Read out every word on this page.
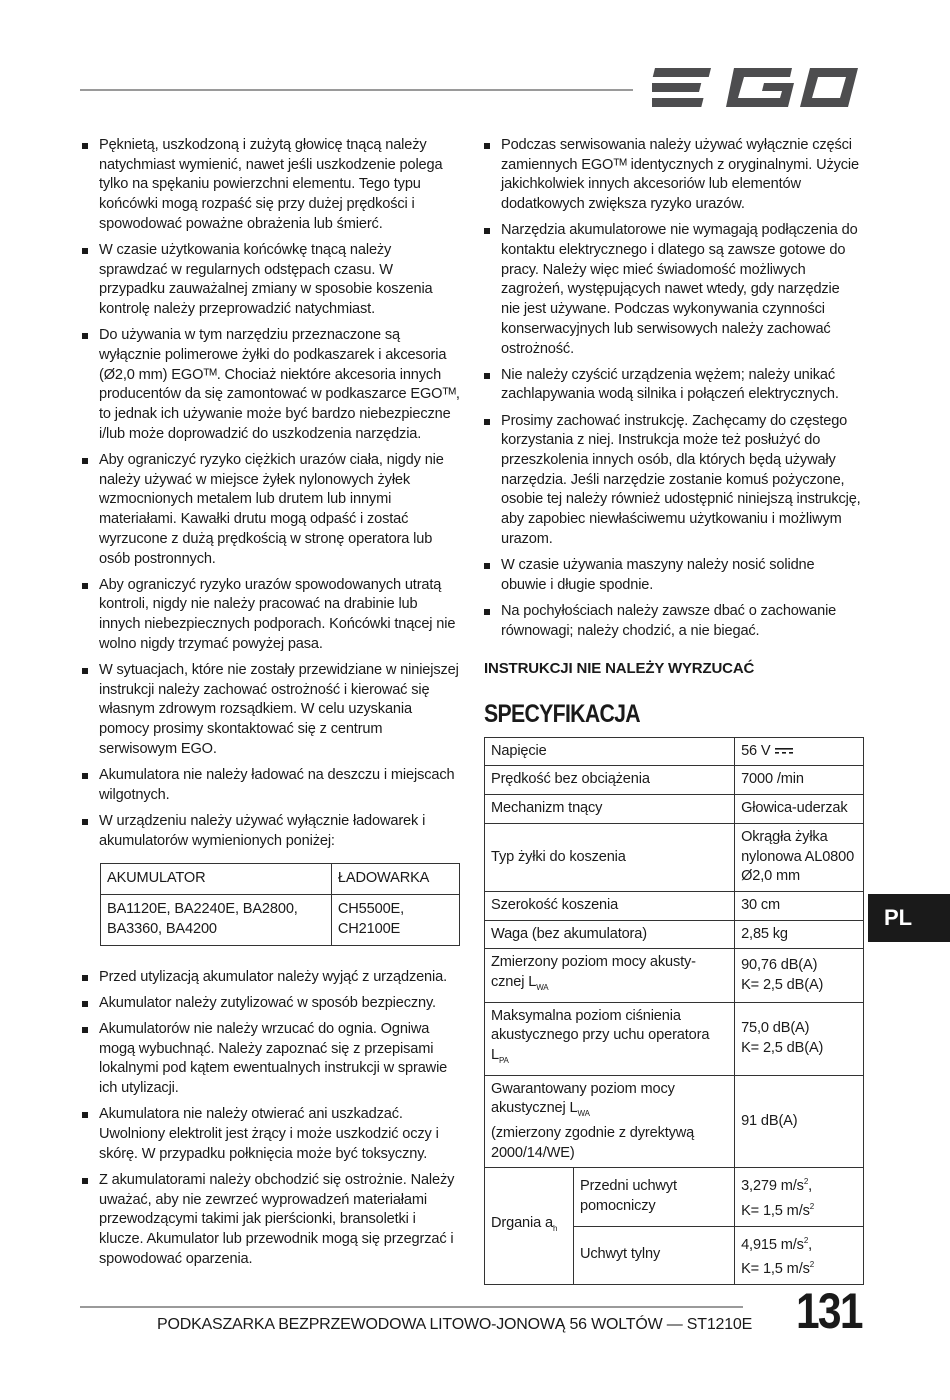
Pęknietą, uszkodzoną i zużytą głowicę tnącą należy natychmiast wymienić, nawet jeśli uszkodzenie polega tylko na spękaniu powierzchni elementu. Tego typu końcówki mogą rozpaść się przy dużej prędkości i spowodować poważne obrażenia lub śmierć.
W czasie użytkowania końcówkę tnącą należy sprawdzać w regularnych odstępach czasu. W przypadku zauważalnej zmiany w sposobie koszenia kontrolę należy przeprowadzić natychmiast.
Do używania w tym narzędziu przeznaczone są wyłącznie polimerowe żyłki do podkaszarek i akcesoria (Ø2,0 mm) EGOᵀᴹ. Chociaż niektóre akcesoria innych producentów da się zamontować w podkaszarce EGOᵀᴹ, to jednak ich używanie może być bardzo niebezpieczne i/lub może doprowadzić do uszkodzenia narzędzia.
Aby ograniczyć ryzyko ciężkich urazów ciała, nigdy nie należy używać w miejsce żyłek nylonowych żyłek wzmocnionych metalem lub drutem lub innymi materiałami. Kawałki drutu mogą odpaść i zostać wyrzucone z dużą prędkością w stronę operatora lub osób postronnych.
Aby ograniczyć ryzyko urazów spowodowanych utratą kontroli, nigdy nie należy pracować na drabinie lub innych niebezpiecznych podporach. Końcówki tnącej nie wolno nigdy trzymać powyżej pasa.
W sytuacjach, które nie zostały przewidziane w niniejszej instrukcji należy zachować ostrożność i kierować się własnym zdrowym rozsądkiem. W celu uzyskania pomocy prosimy skontaktować się z centrum serwisowym EGO.
Akumulatora nie należy ładować na deszczu i miejscach wilgotnych.
W urządzeniu należy używać wyłącznie ładowarek i akumulatorów wymienionych poniżej:
AKUMULATOR	ŁADOWARKA
BA1120E, BA2240E, BA2800, BA3360, BA4200	CH5500E, CH2100E
Przed utylizacją akumulator należy wyjąć z urządzenia.
Akumulator należy zutylizować w sposób bezpieczny.
Akumulatorów nie należy wrzucać do ognia. Ogniwa mogą wybuchnąć. Należy zapoznać się z przepisami lokalnymi pod kątem ewentualnych instrukcji w sprawie ich utylizacji.
Akumulatora nie należy otwierać ani uszkadzać. Uwolniony elektrolit jest żrący i może uszkodzić oczy i skórę. W przypadku połknięcia może być toksyczny.
Z akumulatorami należy obchodzić się ostrożnie. Należy uważać, aby nie zewrzeć wyprowadzeń materiałami przewodzącymi takimi jak pierścionki, bransoletki i klucze. Akumulator lub przewodnik mogą się przegrzać i spowodować oparzenia.
Podczas serwisowania należy używać wyłącznie części zamiennych EGOᵀᴹ identycznych z oryginalnymi. Użycie jakichkolwiek innych akcesoriów lub elementów dodatkowych zwiększa ryzyko urazów.
Narzędzia akumulatorowe nie wymagają podłączenia do kontaktu elektrycznego i dlatego są zawsze gotowe do pracy. Należy więc mieć świadomość możliwych zagrożeń, występujących nawet wtedy, gdy narzędzie nie jest używane. Podczas wykonywania czynności konserwacyjnych lub serwisowych należy zachować ostrożność.
Nie należy czyścić urządzenia wężem; należy unikać zachlapywania wodą silnika i połączeń elektrycznych.
Prosimy zachować instrukcję. Zachęcamy do częstego korzystania z niej. Instrukcja może też posłużyć do przeszkolenia innych osób, dla których będą używały narzędzia. Jeśli narzędzie zostanie komuś pożyczone, osobie tej należy również udostępnić niniejszą instrukcję, aby zapobiec niewłaściwemu użytkowaniu i możliwym urazom.
W czasie używania maszyny należy nosić solidne obuwie i długie spodnie.
Na pochyłościach należy zawsze dbać o zachowanie równowagi; należy chodzić, a nie biegać.
INSTRUKCJI NIE NALEŻY WYRZUCAĆ
SPECYFIKACJA
Napięcie		56 V
Prędkość bez obciążenia		7000 /min
Mechanizm tnący		Głowica-uderzak
Typ żyłki do koszenia		Okrągła żyłka nylonowa AL0800 Ø2,0 mm
Szerokość koszenia		30 cm
Waga (bez akumulatora)		2,85 kg
Zmierzony poziom mocy akusty-cznej $L_{WA}$		90,76 dB(A)
K= 2,5 dB(A)
Maksymalna poziom ciśnienia akustycznego przy uchu operatora $L_{PA}$		75,0 dB(A)
K= 2,5 dB(A)
Gwarantowany poziom mocy akustycznej $L_{WA}$
(zmierzony zgodnie z dyrektywą 2000/14/WE)		91 dB(A)
Drgania $a_h$	Przedni uchwyt pomocniczy	3,279 $m/s^2$,
K= 1,5 $m/s^2$
	Uchwyt tylny	4,915 $m/s^2$,
K= 1,5 $m/s^2$
PL
PODKASZARKA BEZPRZEWODOWA LITOWO-JONOWĄ 56 WOLTÓW — ST1210E 131
